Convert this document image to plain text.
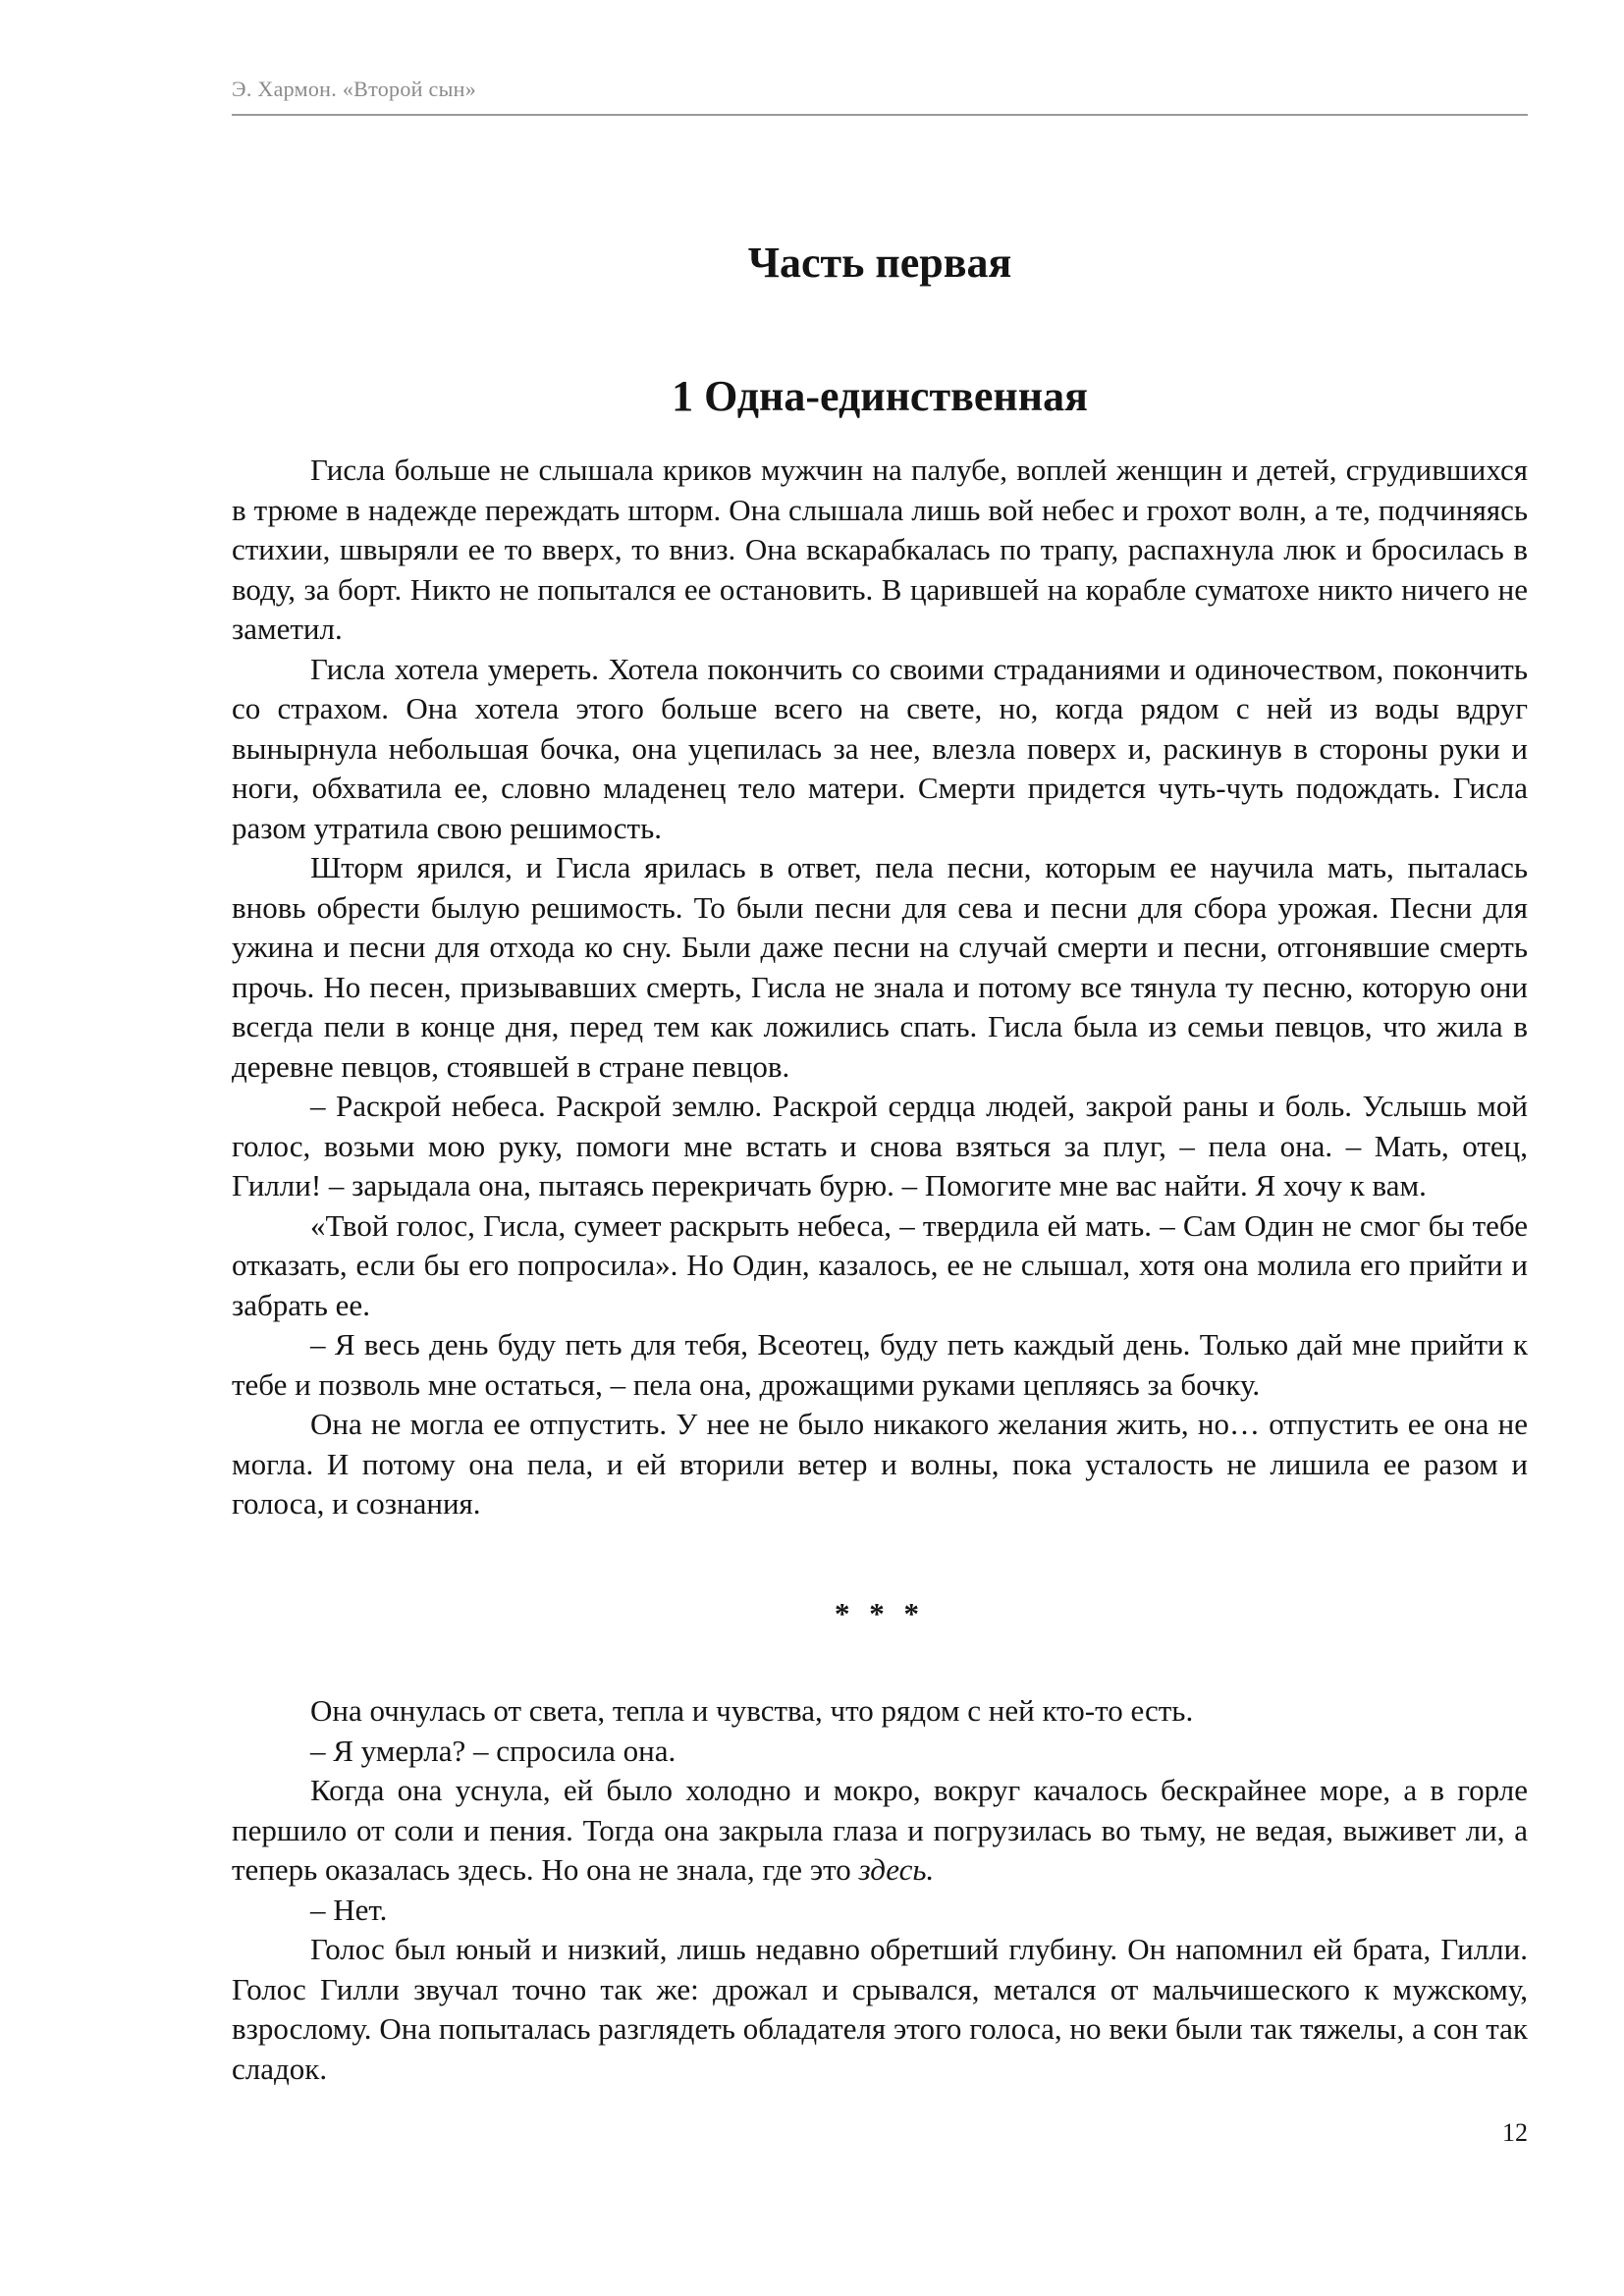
Э. Хармон. «Второй сын»
Часть первая
1 Одна-единственная

Гисла больше не слышала криков мужчин на палубе, воплей женщин и детей, сгрудившихся в трюме в надежде переждать шторм. Она слышала лишь вой небес и грохот волн, а те, подчиняясь стихии, швыряли ее то вверх, то вниз. Она вскарабкалась по трапу, распахнула люк и бросилась в воду, за борт. Никто не попытался ее остановить. В царившей на корабле суматохе никто ничего не заметил.

Гисла хотела умереть. Хотела покончить со своими страданиями и одиночеством, покончить со страхом. Она хотела этого больше всего на свете, но, когда рядом с ней из воды вдруг вынырнула небольшая бочка, она уцепилась за нее, влезла поверх и, раскинув в стороны руки и ноги, обхватила ее, словно младенец тело матери. Смерти придется чуть-чуть подождать. Гисла разом утратила свою решимость.

Шторм ярился, и Гисла ярилась в ответ, пела песни, которым ее научила мать, пыталась вновь обрести былую решимость. То были песни для сева и песни для сбора урожая. Песни для ужина и песни для отхода ко сну. Были даже песни на случай смерти и песни, отгонявшие смерть прочь. Но песен, призывавших смерть, Гисла не знала и потому все тянула ту песню, которую они всегда пели в конце дня, перед тем как ложились спать. Гисла была из семьи певцов, что жила в деревне певцов, стоявшей в стране певцов.

– Раскрой небеса. Раскрой землю. Раскрой сердца людей, закрой раны и боль. Услышь мой голос, возьми мою руку, помоги мне встать и снова взяться за плуг, – пела она. – Мать, отец, Гилли! – зарыдала она, пытаясь перекричать бурю. – Помогите мне вас найти. Я хочу к вам.

«Твой голос, Гисла, сумеет раскрыть небеса, – твердила ей мать. – Сам Один не смог бы тебе отказать, если бы его попросила». Но Один, казалось, ее не слышал, хотя она молила его прийти и забрать ее.

– Я весь день буду петь для тебя, Всеотец, буду петь каждый день. Только дай мне прийти к тебе и позволь мне остаться, – пела она, дрожащими руками цепляясь за бочку.

Она не могла ее отпустить. У нее не было никакого желания жить, но… отпустить ее она не могла. И потому она пела, и ей вторили ветер и волны, пока усталость не лишила ее разом и голоса, и сознания.

* * *

Она очнулась от света, тепла и чувства, что рядом с ней кто-то есть.

– Я умерла? – спросила она.

Когда она уснула, ей было холодно и мокро, вокруг качалось бескрайнее море, а в горле першило от соли и пения. Тогда она закрыла глаза и погрузилась во тьму, не ведая, выживет ли, а теперь оказалась здесь. Но она не знала, где это здесь.

– Нет.

Голос был юный и низкий, лишь недавно обретший глубину. Он напомнил ей брата, Гилли. Голос Гилли звучал точно так же: дрожал и срывался, метался от мальчишеского к мужскому, взрослому. Она попыталась разглядеть обладателя этого голоса, но веки были так тяжелы, а сон так сладок.

12
